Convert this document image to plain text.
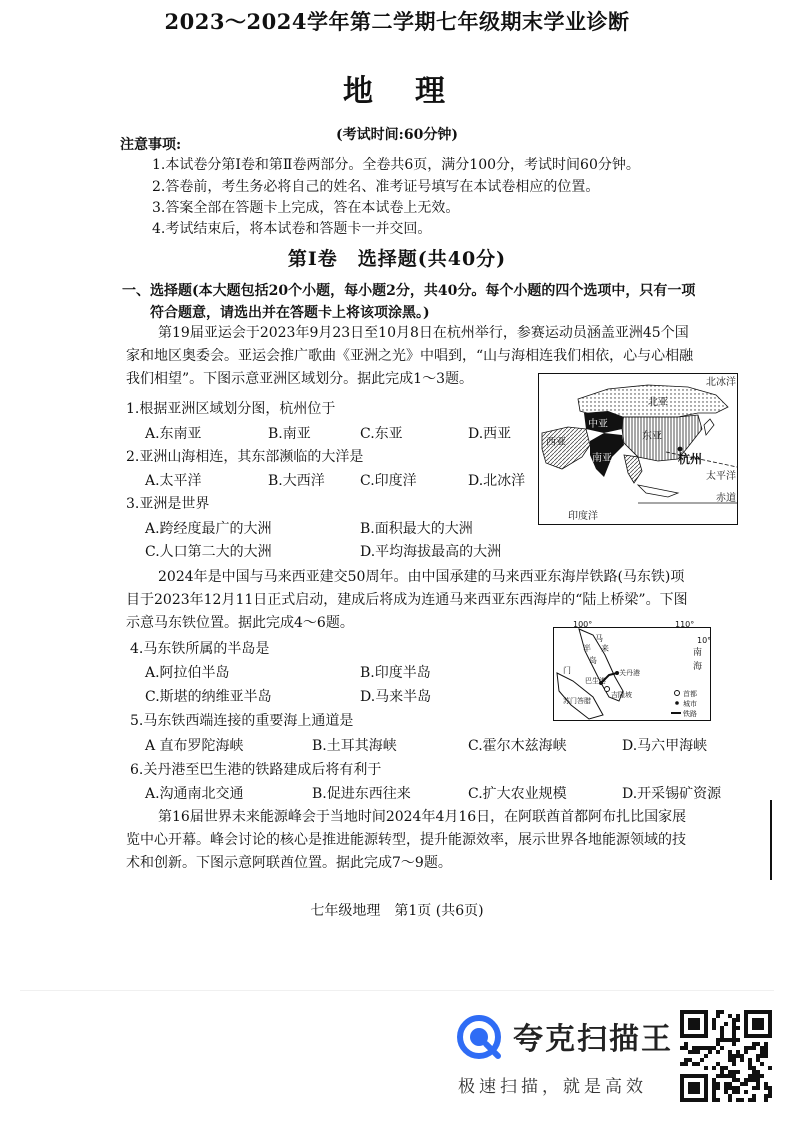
2023～2024学年第二学期七年级期末学业诊断
地　理
(考试时间:60分钟)
注意事项:
1.本试卷分第Ⅰ卷和第Ⅱ卷两部分。全卷共6页，满分100分，考试时间60分钟。
2.答卷前，考生务必将自己的姓名、准考证号填写在本试卷相应的位置。
3.答案全部在答题卡上完成，答在本试卷上无效。
4.考试结束后，将本试卷和答题卡一并交回。
第Ⅰ卷　选择题(共40分)
一、选择题(本大题包括20个小题，每小题2分，共40分。每个小题的四个选项中，只有一项
符合题意，请选出并在答题卡上将该项涂黑。)
第19届亚运会于2023年9月23日至10月8日在杭州举行，参赛运动员涵盖亚洲45个国
家和地区奥委会。亚运会推广歌曲《亚洲之光》中唱到，“山与海相连我们相依，心与心相融
我们相望”。下图示意亚洲区域划分。据此完成1～3题。
1.根据亚洲区域划分图，杭州位于
A.东南亚	B.南亚	C.东亚	D.西亚
2.亚洲山海相连，其东部濒临的大洋是
A.太平洋	B.大西洋	C.印度洋	D.北冰洋
3.亚洲是世界
A.跨经度最广的大洲	B.面积最大的大洲
C.人口第二大的大洲	D.平均海拔最高的大洲
北冰洋
北亚
中亚
东亚
西亚
南亚	杭州
太平洋
印度洋
赤道
2024年是中国与马来西亚建交50周年。由中国承建的马来西亚东海岸铁路(马东铁)项
目于2023年12月11日正式启动，建成后将成为连通马来西亚东西海岸的“陆上桥梁”。下图
示意马东铁位置。据此完成4～6题。	100°	110°
10°
南
海
半
岛
马
来
关丹港
巴生港
吉隆坡
苏门答腊
门
首都
城市
铁路
4.马东铁所属的半岛是
A.阿拉伯半岛	B.印度半岛
C.斯堪的纳维亚半岛	D.马来半岛
5.马东铁西端连接的重要海上通道是
A 直布罗陀海峡	B.土耳其海峡	C.霍尔木兹海峡	D.马六甲海峡
6.关丹港至巴生港的铁路建成后将有利于
A.沟通南北交通	B.促进东西往来	C.扩大农业规模	D.开采锡矿资源
第16届世界未来能源峰会于当地时间2024年4月16日，在阿联酋首都阿布扎比国家展
览中心开幕。峰会讨论的核心是推进能源转型，提升能源效率，展示世界各地能源领域的技
术和创新。下图示意阿联酋位置。据此完成7～9题。
七年级地理　第1页 (共6页)
夸克扫描王
极速扫描，就是高效
